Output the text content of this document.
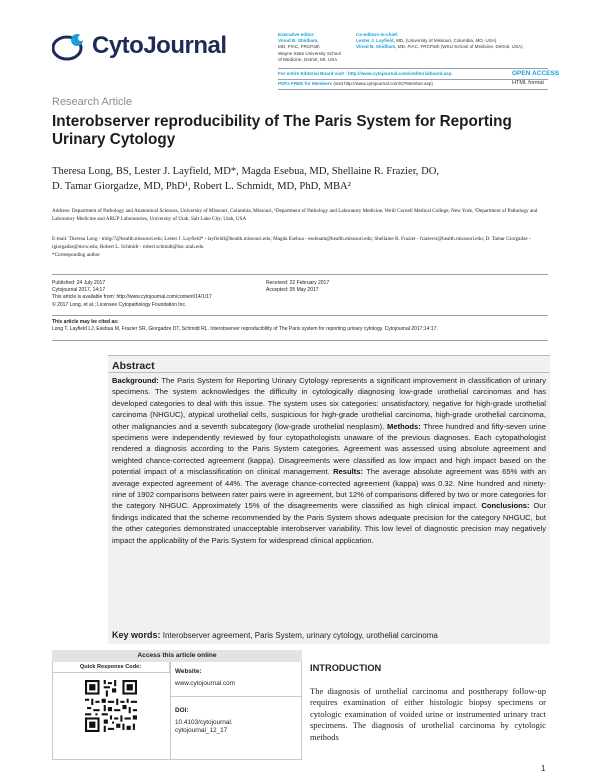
CytoJournal	Executive editor:
Vinod B. Shidham,
MD, FIAC, FRCPath
Wayne State University School
of Medicine, Detroit, MI, USA
Co-editors-in-chief:
Lester J. Layfield, MD, (University of Missouri, Columbia, MO, USA)
Vinod B. Shidham, MD, FIAC, FRCPath (WSU School of Medicine, Detroit, USA)
For entire Editorial Board visit : http://www.cytojournal.com/ceditorialboard.asp	OPEN ACCESS
PDFs FREE for Members (visit http://www.cytojournal.com/CFMember.asp)	HTML format
Research Article
Interobserver reproducibility of The Paris System for Reporting Urinary Cytology
Theresa Long, BS, Lester J. Layfield, MD*, Magda Esebua, MD, Shellaine R. Frazier, DO,
D. Tamar Giorgadze, MD, PhD¹, Robert L. Schmidt, MD, PhD, MBA²
Address: Department of Pathology and Anatomical Sciences, University of Missouri, Columbia, Missouri, ¹Department of Pathology and Laboratory Medicine, Weill Cornell Medical College, New York, ²Department of Pathology and Laboratory Medicine and ARUP Laboratories, University of Utah, Salt Lake City, Utah, USA
E-mail: Theresa Long - tmlgc7@health.missouri.edu; Lester J. Layfield* - layfieldl@health.missouri.edu; Magda Esebua - esebuam@health.missouri.edu; Shellaine R. Frazier - fraziersr@health.missouri.edu; D. Tamar Giorgadze - tgiorgadze@mcw.edu; Robert L. Schmidt - robert.schmidt@hsc.utah.edu
*Corresponding author
Published: 24 July 2017
Cytojournal 2017, 14:17
This article is available from: http://www.cytojournal.com/content/14/1/17
© 2017 Long, et al.; Licensee Cytopathology Foundation Inc.
Received: 22 February 2017
Accepted: 05 May 2017
This article may be cited as:
Long T, Layfield LJ, Esebua M, Frazier SR, Giorgadze DT, Schmidt RL. Interobserver reproducibility of The Paris system for reporting urinary cytology. Cytojournal 2017;14:17.
Abstract
Background: The Paris System for Reporting Urinary Cytology represents a significant improvement in classification of urinary specimens. The system acknowledges the difficulty in cytologically diagnosing low-grade urothelial carcinomas and has developed categories to deal with this issue. The system uses six categories: unsatisfactory, negative for high-grade urothelial carcinoma (NHGUC), atypical urothelial cells, suspicious for high-grade urothelial carcinoma, high-grade urothelial carcinoma, other malignancies and a seventh subcategory (low-grade urothelial neoplasm). Methods: Three hundred and fifty-seven urine specimens were independently reviewed by four cytopathologists unaware of the previous diagnoses. Each cytopathologist rendered a diagnosis according to the Paris System categories. Agreement was assessed using absolute agreement and weighted chance-corrected agreement (kappa). Disagreements were classified as low impact and high impact based on the potential impact of a misclassification on clinical management. Results: The average absolute agreement was 65% with an average expected agreement of 44%. The average chance-corrected agreement (kappa) was 0.32. Nine hundred and ninety-nine of 1902 comparisons between rater pairs were in agreement, but 12% of comparisons differed by two or more categories for the category NHGUC. Approximately 15% of the disagreements were classified as high clinical impact. Conclusions: Our findings indicated that the scheme recommended by the Paris System shows adequate precision for the category NHGUC, but the other categories demonstrated unacceptable interobserver variability. This low level of diagnostic precision may negatively impact the applicability of the Paris System for widespread clinical application.
Key words: Interobserver agreement, Paris System, urinary cytology, urothelial carcinoma
Access this article online
Quick Response Code:
Website:
www.cytojournal.com
DOI:
10.4103/cytojournal.
cytojournal_12_17
INTRODUCTION
The diagnosis of urothelial carcinoma and posttherapy follow-up requires examination of either histologic biopsy specimens or cytologic examination of voided urine or instrumented urinary tract specimens. The diagnosis of urothelial carcinoma by cytologic methods
1
